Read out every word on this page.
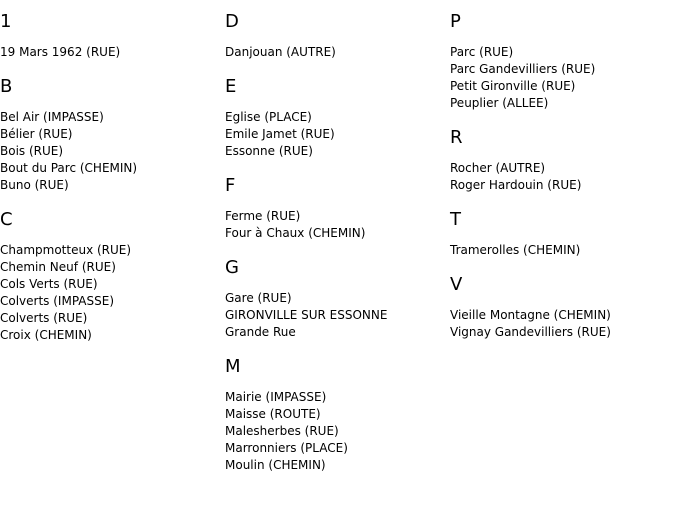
1
19 Mars 1962 (RUE)
B
Bel Air (IMPASSE)
Bélier (RUE)
Bois (RUE)
Bout du Parc (CHEMIN)
Buno (RUE)
C
Champmotteux (RUE)
Chemin Neuf (RUE)
Cols Verts (RUE)
Colverts (IMPASSE)
Colverts (RUE)
Croix (CHEMIN)
D
Danjouan (AUTRE)
E
Eglise (PLACE)
Emile Jamet (RUE)
Essonne (RUE)
F
Ferme (RUE)
Four à Chaux (CHEMIN)
G
Gare (RUE)
GIRONVILLE SUR ESSONNE
Grande Rue
M
Mairie (IMPASSE)
Maisse (ROUTE)
Malesherbes (RUE)
Marronniers (PLACE)
Moulin (CHEMIN)
P
Parc (RUE)
Parc Gandevilliers (RUE)
Petit Gironville (RUE)
Peuplier (ALLEE)
R
Rocher (AUTRE)
Roger Hardouin (RUE)
T
Tramerolles (CHEMIN)
V
Vieille Montagne (CHEMIN)
Vignay Gandevilliers (RUE)
